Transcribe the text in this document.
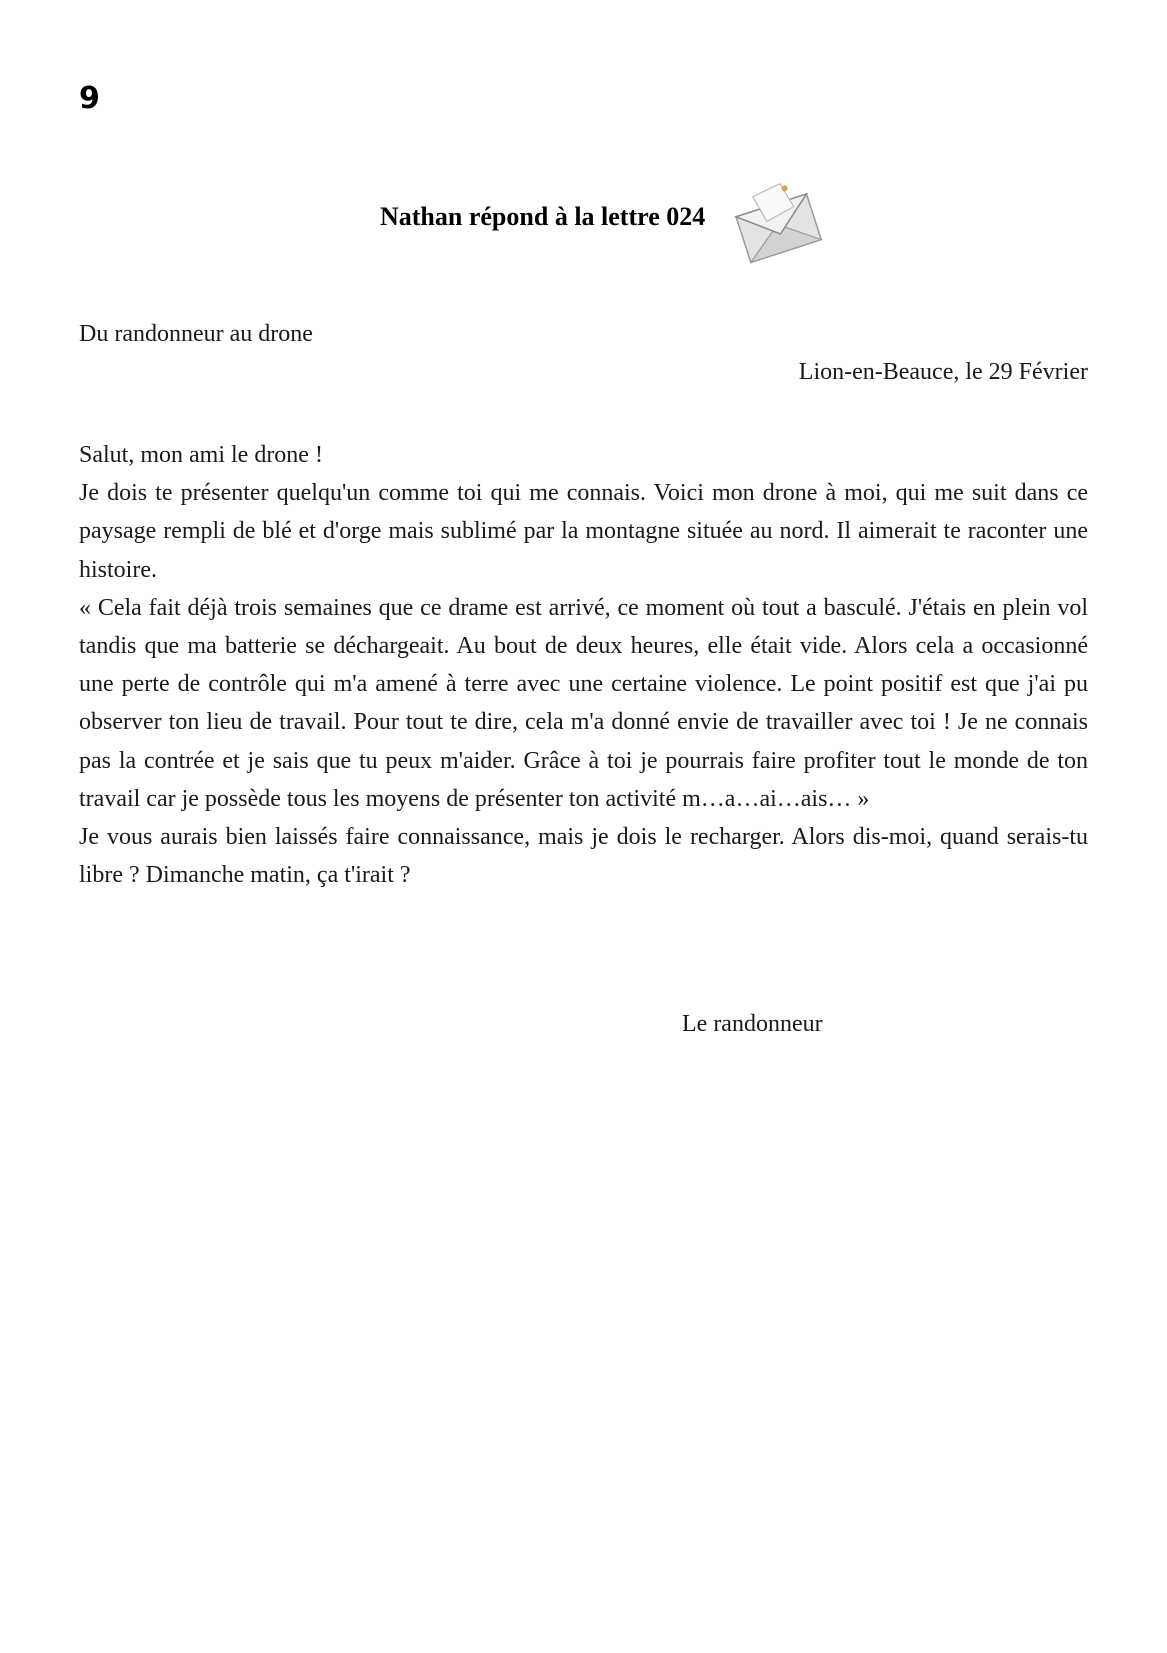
9
Nathan répond à la lettre 024
Du randonneur au drone
Lion-en-Beauce, le 29 Février

Salut, mon ami le drone !

Je dois te présenter quelqu'un comme toi qui me connais. Voici mon drone à moi, qui me suit dans ce paysage rempli de blé et d'orge mais sublimé par la montagne située au nord. Il aimerait te raconter une histoire.

« Cela fait déjà trois semaines que ce drame est arrivé, ce moment où tout a basculé. J'étais en plein vol tandis que ma batterie se déchargeait. Au bout de deux heures, elle était vide. Alors cela a occasionné une perte de contrôle qui m'a amené à terre avec une certaine violence. Le point positif est que j'ai pu observer ton lieu de travail. Pour tout te dire, cela m'a donné envie de travailler avec toi ! Je ne connais pas la contrée et je sais que tu peux m'aider. Grâce à toi je pourrais faire profiter tout le monde de ton travail car je possède tous les moyens de présenter ton activité m…a…ai…ais… »

Je vous aurais bien laissés faire connaissance, mais je dois le recharger. Alors dis-moi, quand serais-tu libre ? Dimanche matin, ça t'irait ?

Le randonneur
